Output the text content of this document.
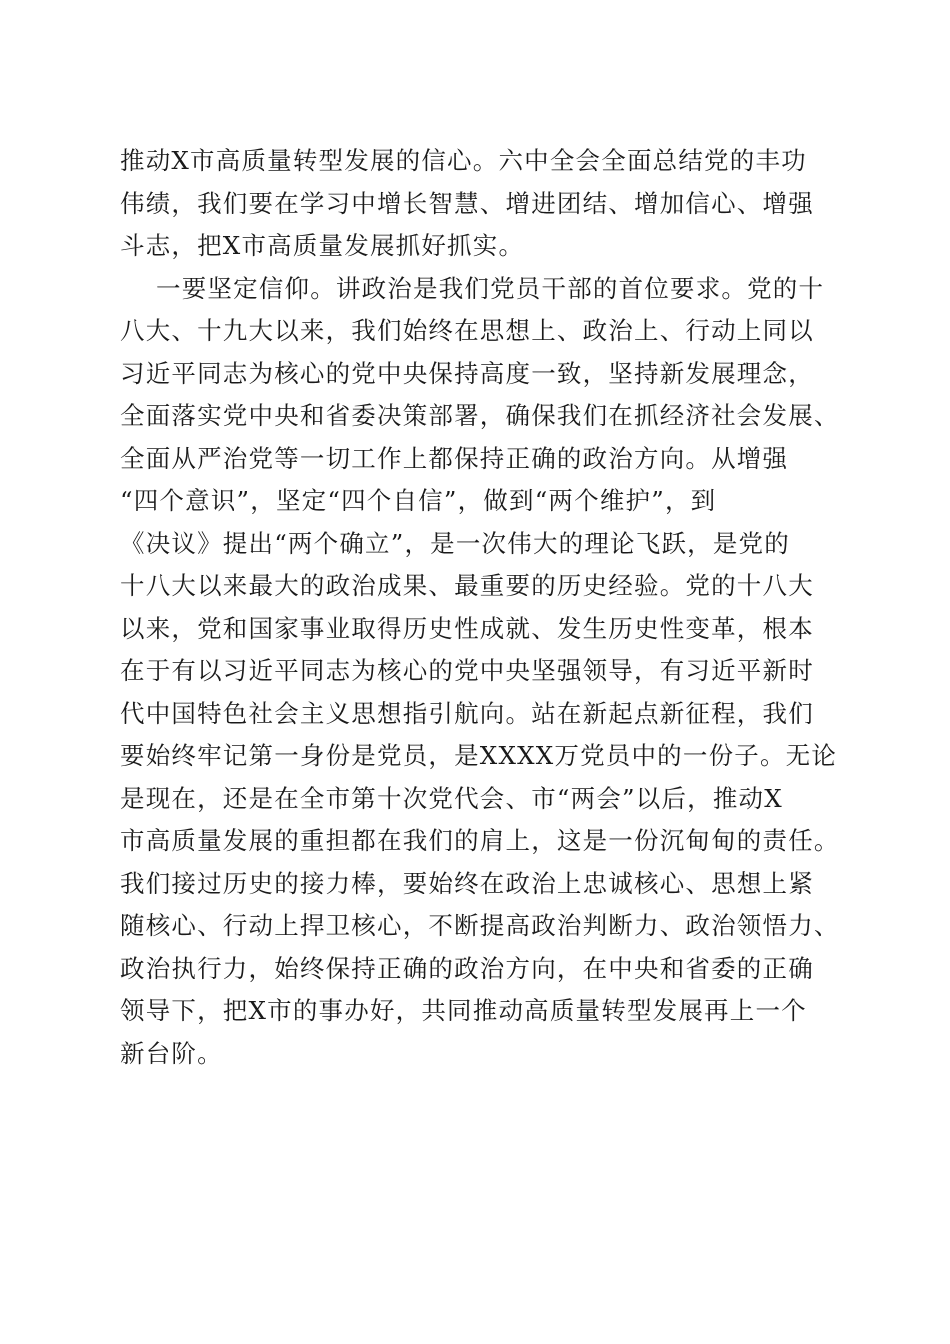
推动X市高质量转型发展的信心。六中全会全面总结党的丰功
伟绩，我们要在学习中增长智慧、增进团结、增加信心、增强
斗志，把X市高质量发展抓好抓实。
一要坚定信仰。讲政治是我们党员干部的首位要求。党的十
八大、十九大以来，我们始终在思想上、政治上、行动上同以
习近平同志为核心的党中央保持高度一致，坚持新发展理念，
全面落实党中央和省委决策部署，确保我们在抓经济社会发展、
全面从严治党等一切工作上都保持正确的政治方向。从增强
“四个意识”，坚定“四个自信”，做到“两个维护”，到
《决议》提出“两个确立”，是一次伟大的理论飞跃，是党的
十八大以来最大的政治成果、最重要的历史经验。党的十八大
以来，党和国家事业取得历史性成就、发生历史性变革，根本
在于有以习近平同志为核心的党中央坚强领导，有习近平新时
代中国特色社会主义思想指引航向。站在新起点新征程，我们
要始终牢记第一身份是党员，是XXXX万党员中的一份子。无论
是现在，还是在全市第十次党代会、市“两会”以后，推动X
市高质量发展的重担都在我们的肩上，这是一份沉甸甸的责任。
我们接过历史的接力棒，要始终在政治上忠诚核心、思想上紧
随核心、行动上捍卫核心，不断提高政治判断力、政治领悟力、
政治执行力，始终保持正确的政治方向，在中央和省委的正确
领导下，把X市的事办好，共同推动高质量转型发展再上一个
新台阶。
